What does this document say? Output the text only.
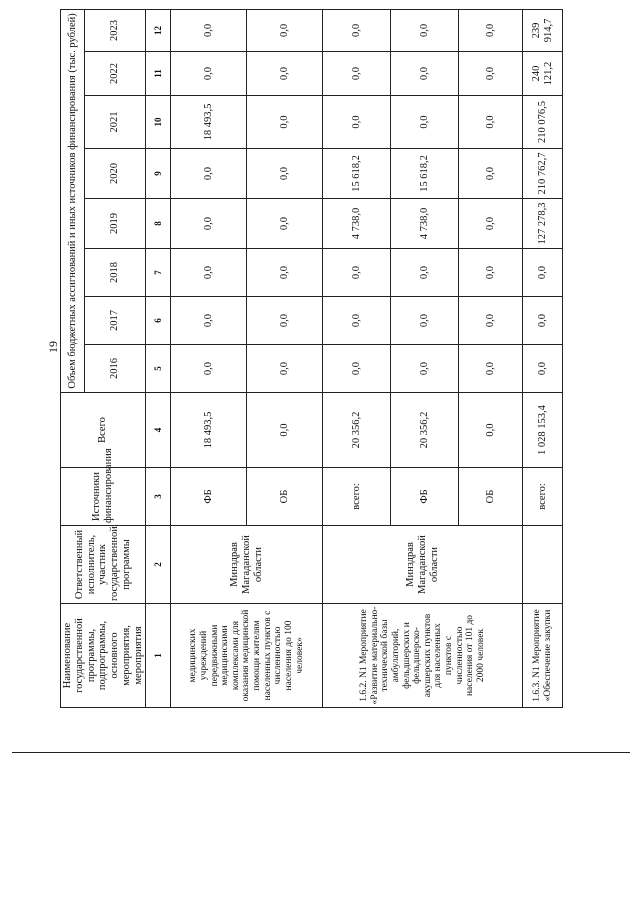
19
Наименование государственной программы, подпрограммы, основного мероприятия, мероприятия	Ответственный исполнитель, участник государственной программы	Источники финансирования	Всего	Объем бюджетных ассигнований и иных источников финансирования (тыс. рублей)							
				2016	2017	2018	2019	2020	2021	2022	2023
1	2	3	4	5	6	7	8	9	10	11	12
медицинских учреждений передвижными медицинскими комплексами для оказания медицинской помощи жителям населенных пунктов с численностью населения до 100 человек»	Минздрав Магаданской области	ФБ	18 493,5	0,0	0,0	0,0	0,0	0,0	18 493,5	0,0	0,0
		ОБ	0,0	0,0	0,0	0,0	0,0	0,0	0,0	0,0	0,0
1.6.2. N1 Мероприятие «Развитие материально-технической базы амбулаторий, фельдшерских и фельдшерско-акушерских пунктов для населенных пунктов с численностью населения от 101 до 2000 человек	Минздрав Магаданской области	всего:	20 356,2	0,0	0,0	0,0	4 738,0	15 618,2	0,0	0,0	0,0
		ФБ	20 356,2	0,0	0,0	0,0	4 738,0	15 618,2	0,0	0,0	0,0
		ОБ	0,0	0,0	0,0	0,0	0,0	0,0	0,0	0,0	0,0
1.6.3. N1 Мероприятие «Обеспечение закупки		всего:	1 028 153,4	0,0	0,0	0,0	127 278,3	210 762,7	210 076,5	240 121,2	239 914,7
